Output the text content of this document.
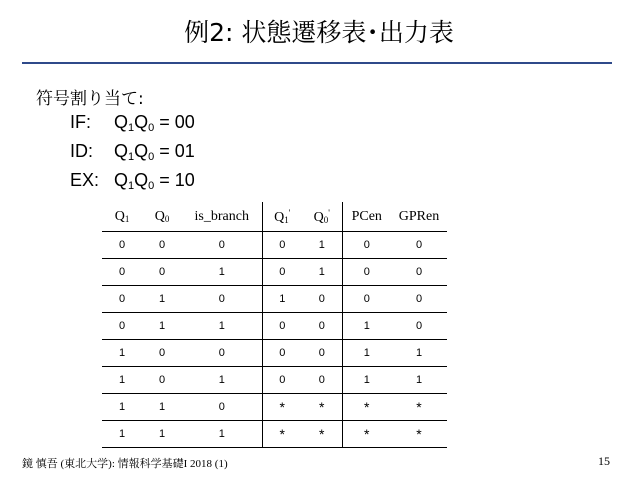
例2: 状態遷移表･出力表
符号割り当て:
IF: $Q_1Q_0 = 00$
ID: $Q_1Q_0 = 01$
EX: $Q_1Q_0 = 10$
$Q_1$	$Q_0$	is_branch	$Q_1'$	$Q_0'$	PCen	GPRen
0	0	0	0	1	0	0
0	0	1	0	1	0	0
0	1	0	1	0	0	0
0	1	1	0	0	1	0
1	0	0	0	0	1	1
1	0	1	0	0	1	1
1	1	0	*	*	*	*
1	1	1	*	*	*	*
鏡 慎吾 (東北大学): 情報科学基礎I 2018 (1)	15
